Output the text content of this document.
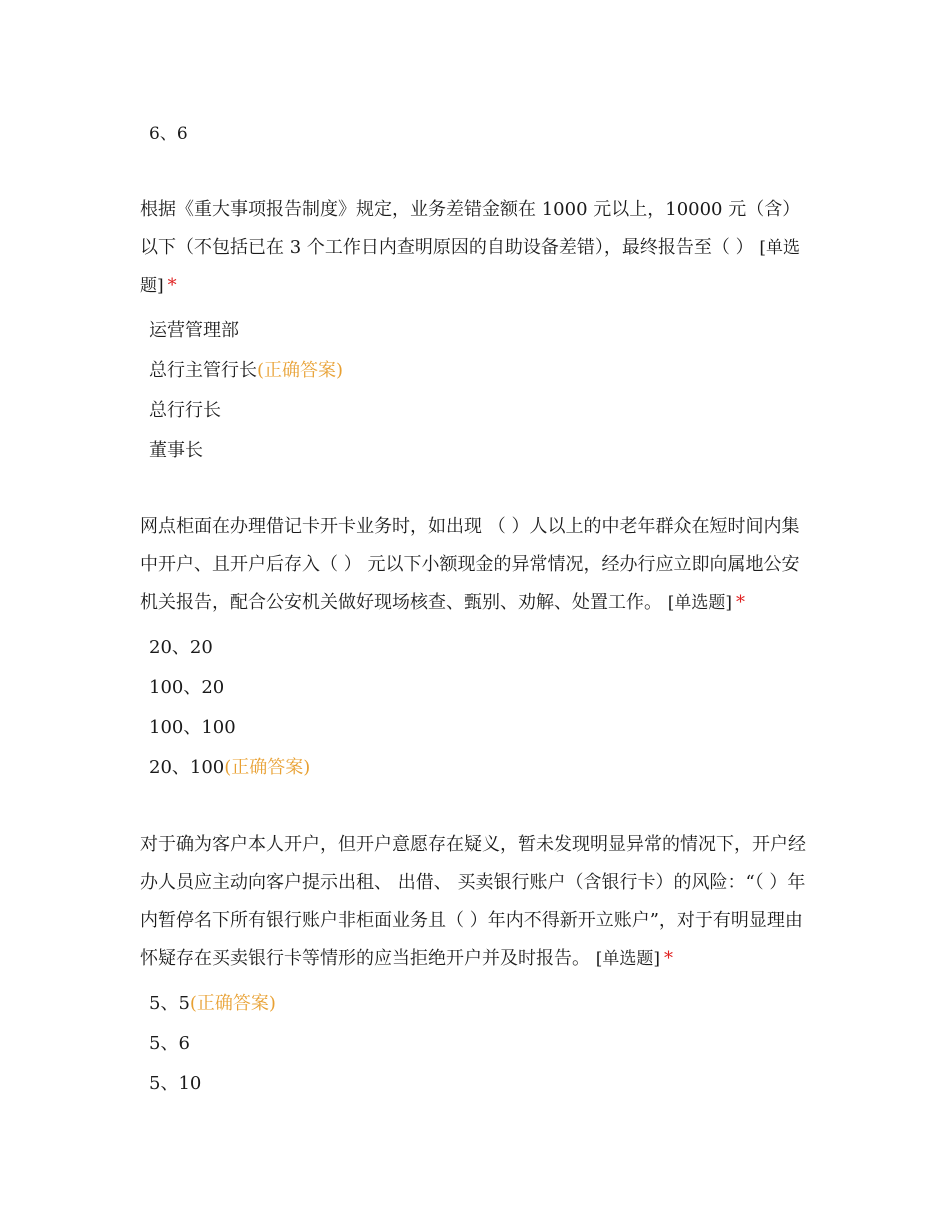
6、6

根据《重大事项报告制度》规定，业务差错金额在 1000 元以上，10000 元（含）以下（不包括已在 3 个工作日内查明原因的自助设备差错），最终报告至（ ） [单选题] *

运营管理部
总行主管行长(正确答案)
总行行长
董事长

网点柜面在办理借记卡开卡业务时，如出现 （ ）人以上的中老年群众在短时间内集中开户、且开户后存入（ ） 元以下小额现金的异常情况，经办行应立即向属地公安机关报告，配合公安机关做好现场核查、甄别、劝解、处置工作。 [单选题] *

20、20
100、20
100、100
20、100(正确答案)

对于确为客户本人开户，但开户意愿存在疑义，暂未发现明显异常的情况下，开户经办人员应主动向客户提示出租、 出借、 买卖银行账户（含银行卡）的风险：“（ ）年内暂停名下所有银行账户非柜面业务且（ ）年内不得新开立账户”，对于有明显理由怀疑存在买卖银行卡等情形的应当拒绝开户并及时报告。 [单选题] *

5、5(正确答案)
5、6
5、10
